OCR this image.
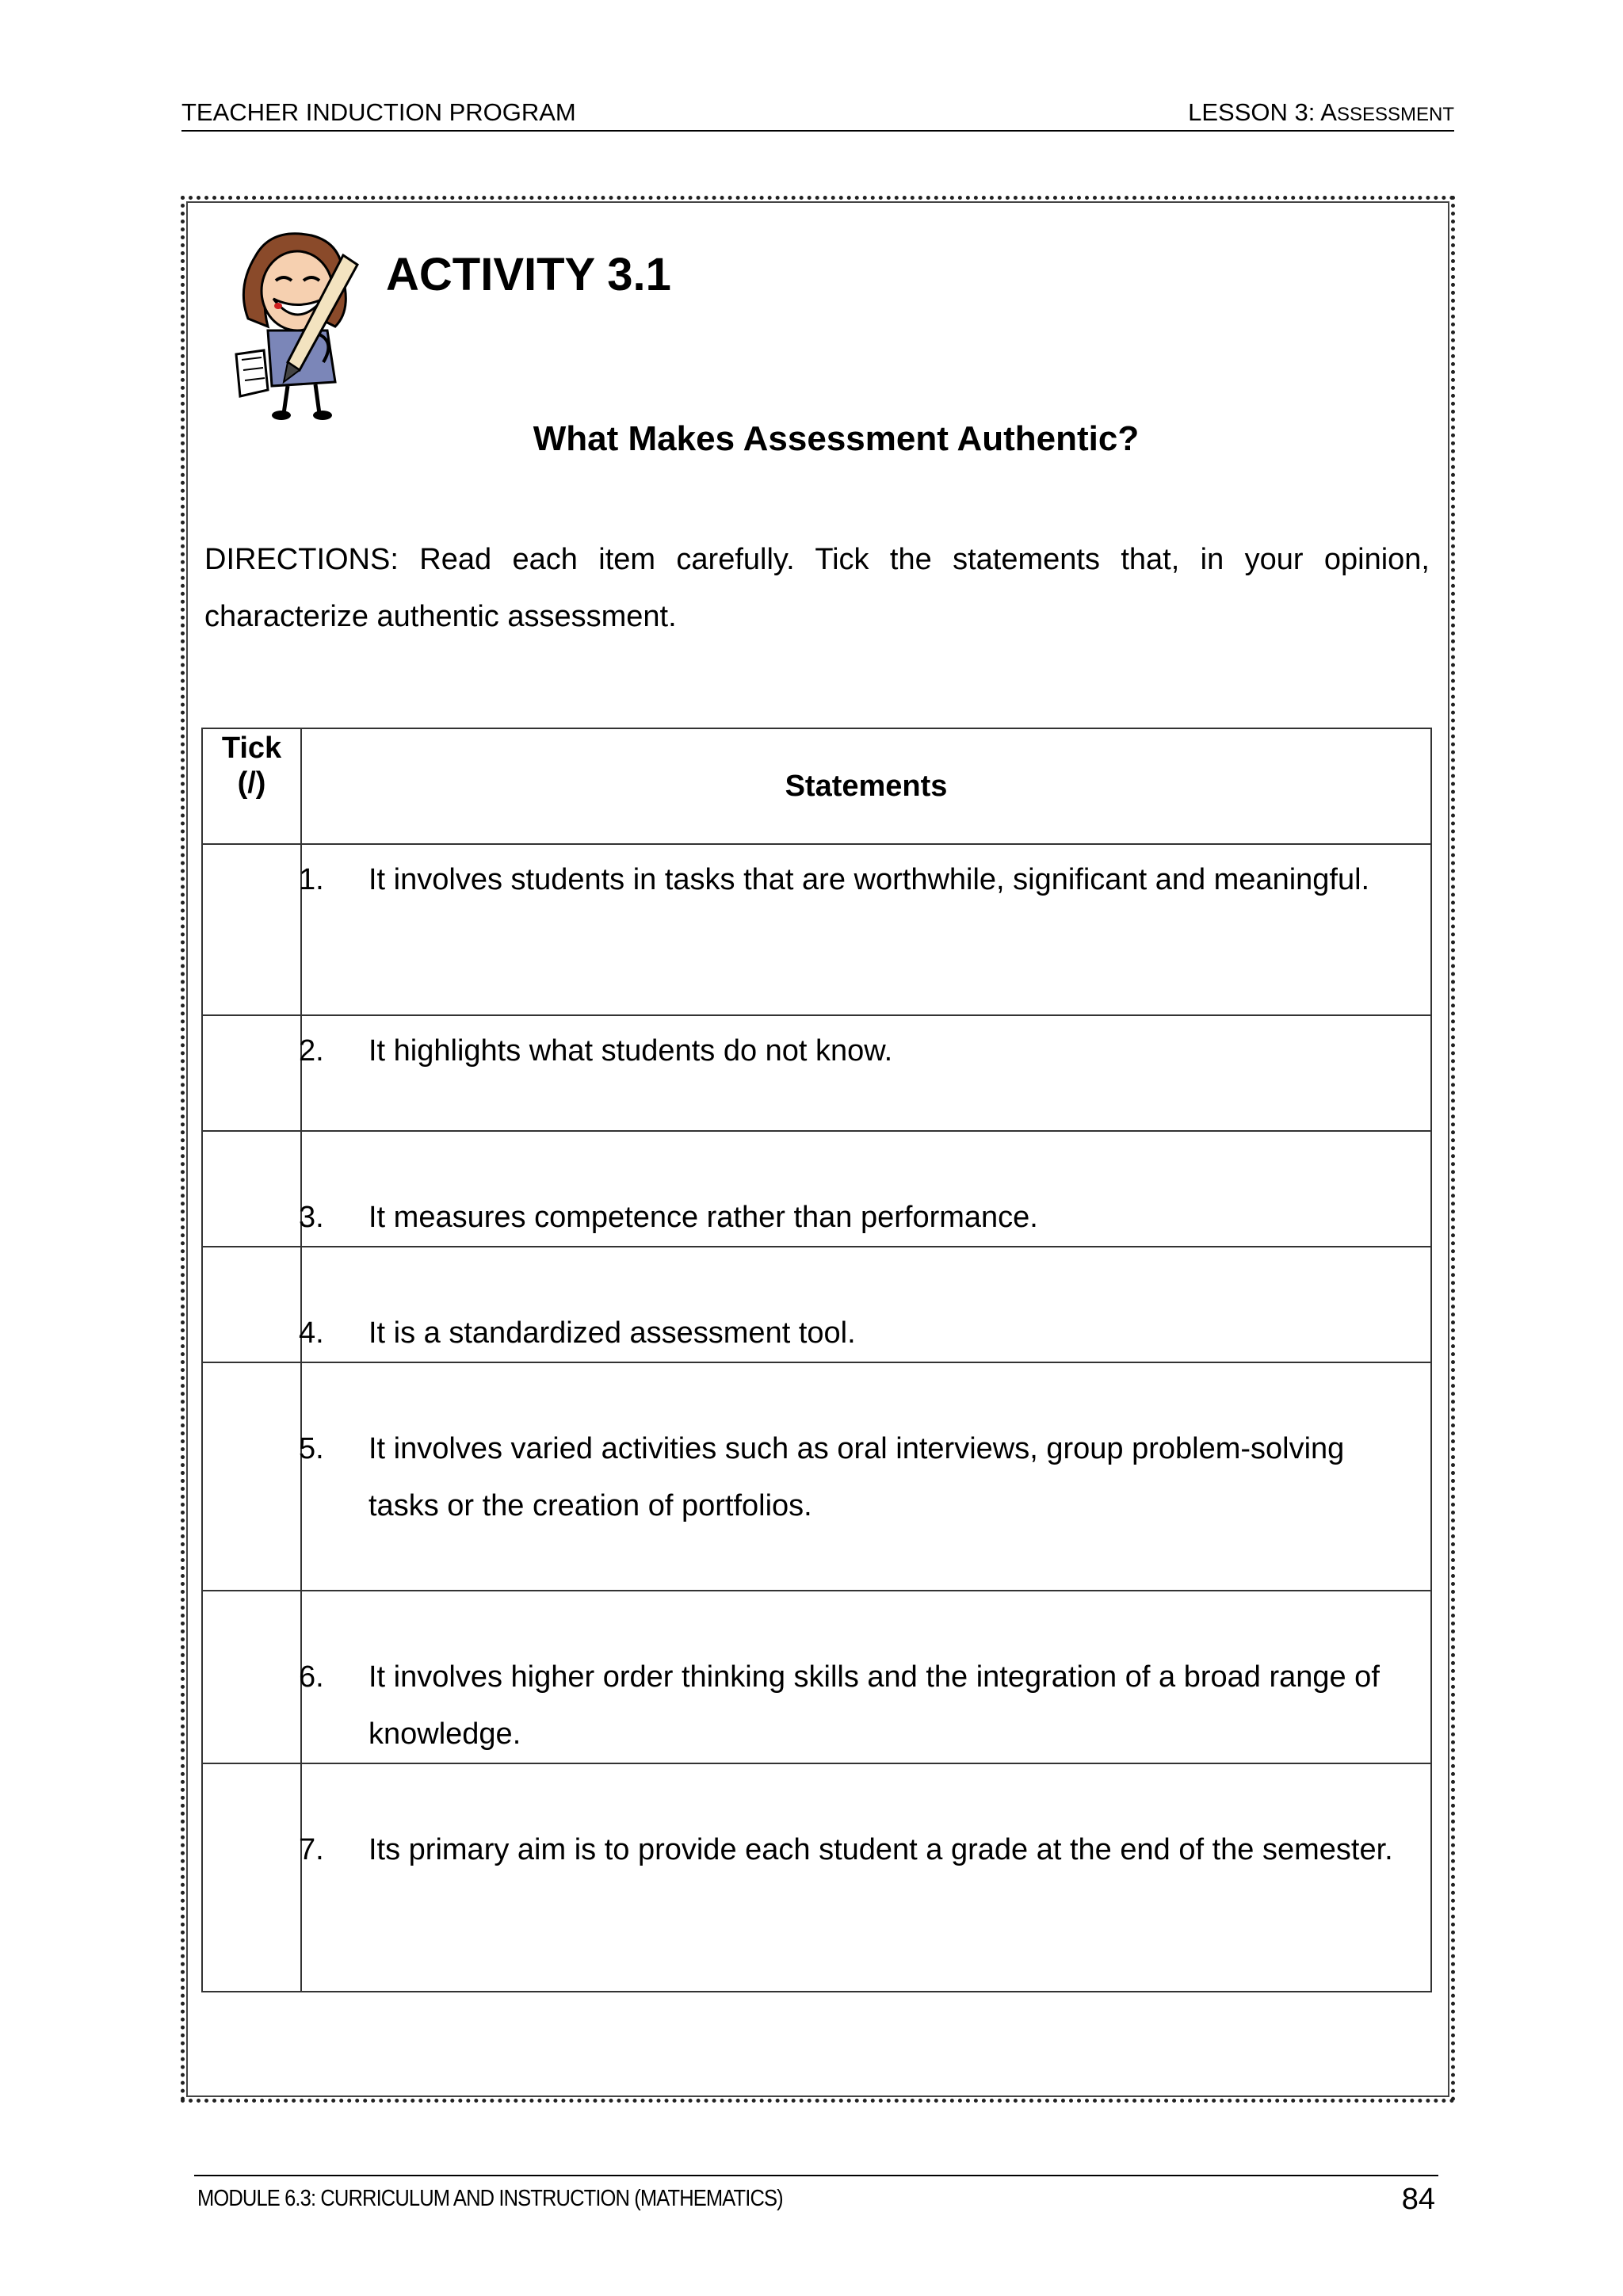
TEACHER INDUCTION PROGRAM	LESSON 3: ASSESSMENT
ACTIVITY 3.1
What Makes Assessment Authentic?
DIRECTIONS: Read each item carefully. Tick the statements that, in your opinion, characterize authentic assessment.
Tick
(/)	Statements

	1. It involves students in tasks that are worthwhile, significant and meaningful.

	2. It highlights what students do not know.

	3. It measures competence rather than performance.

	4. It is a standardized assessment tool.

	5. It involves varied activities such as oral interviews, group problem-solving tasks or the creation of portfolios.

	6. It involves higher order thinking skills and the integration of a broad range of knowledge.

	7. Its primary aim is to provide each student a grade at the end of the semester.
MODULE 6.3: CURRICULUM AND INSTRUCTION (MATHEMATICS)	84
